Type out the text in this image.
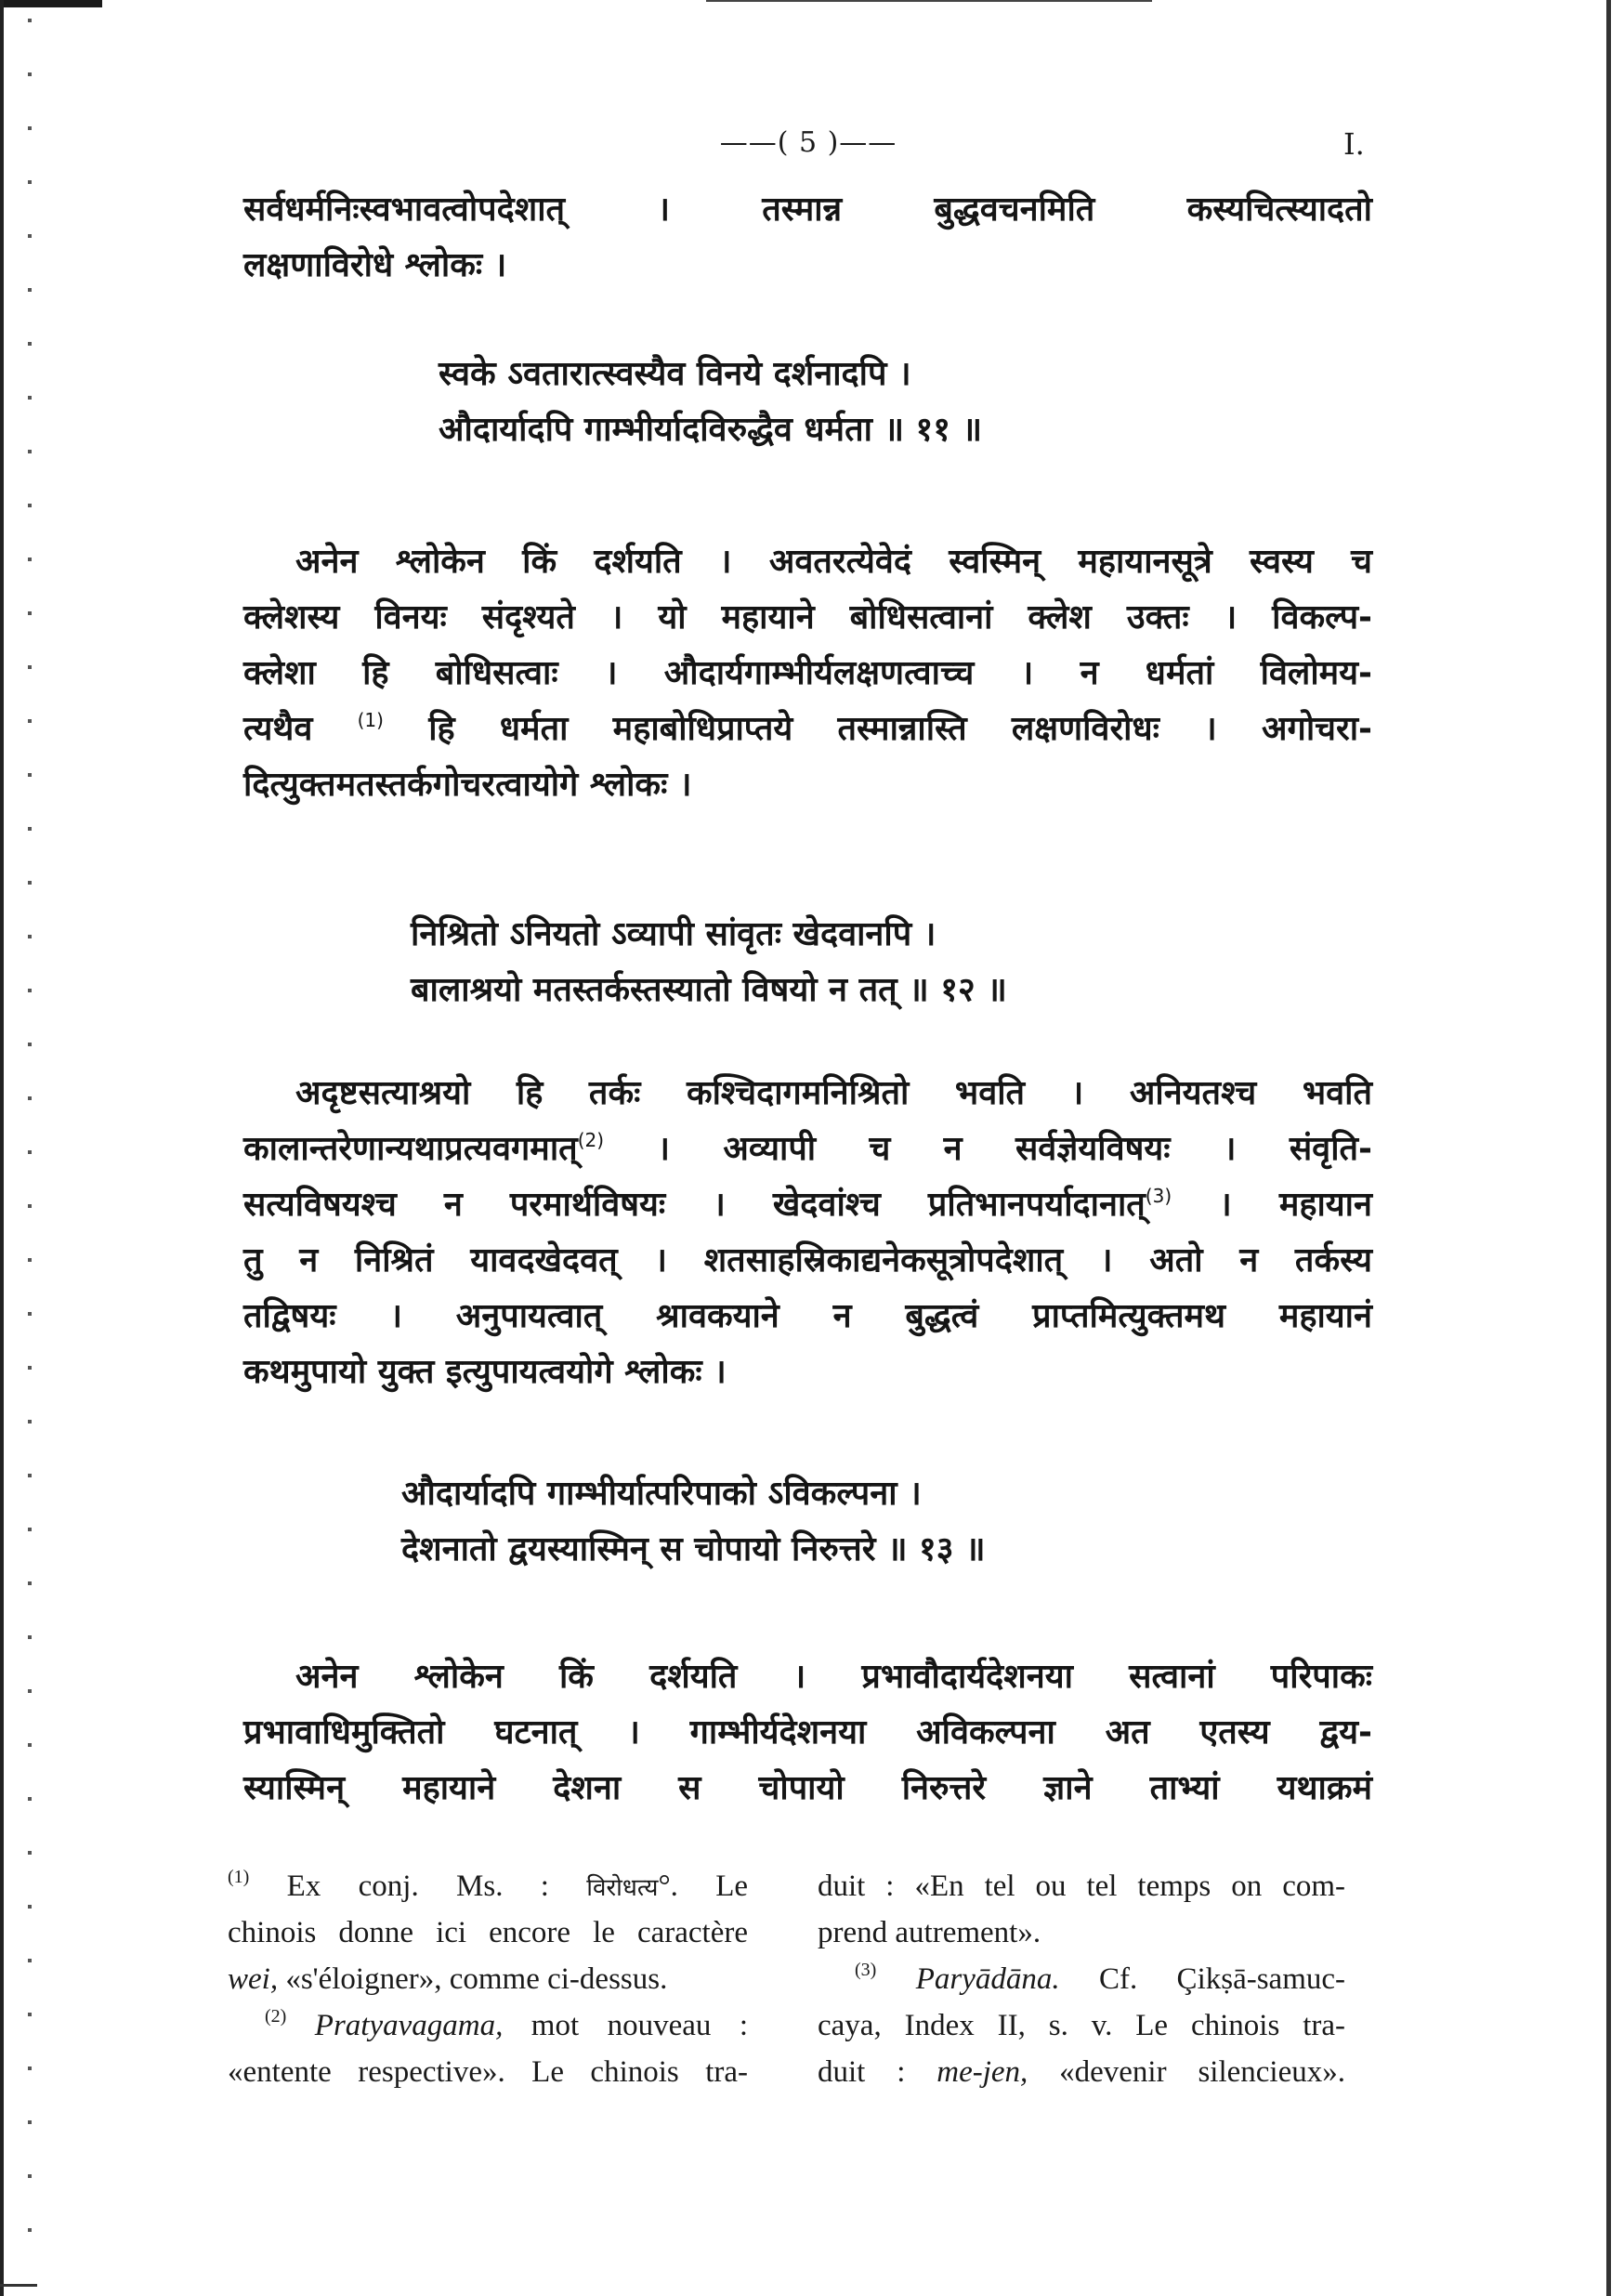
——( 5 )——	I.
सर्वधर्मनिःस्वभावत्वोपदेशात् । तस्मान्न बुद्धवचनमिति कस्यचित्स्यादतो
लक्षणाविरोधे श्लोकः ।
स्वके ऽवतारात्स्वस्यैव विनये दर्शनादपि ।
औदार्यादपि गाम्भीर्यादविरुद्धैव धर्मता ॥ ११ ॥
अनेन श्लोकेन किं दर्शयति । अवतरत्येवेदं स्वस्मिन् महायानसूत्रे स्वस्य च
क्लेशस्य विनयः संदृश्यते । यो महायाने बोधिसत्वानां क्लेश उक्तः । विकल्प-
क्लेशा हि बोधिसत्वाः । औदार्यगाम्भीर्यलक्षणत्वाच्च । न धर्मतां विलोमय-
त्यथैव $^{(1)}$ हि धर्मता महाबोधिप्राप्तये तस्मान्नास्ति लक्षणविरोधः । अगोचरा-
दित्युक्तमतस्तर्कगोचरत्वायोगे श्लोकः ।
निश्रितो ऽनियतो ऽव्यापी सांवृतः खेदवानपि ।
बालाश्रयो मतस्तर्कस्तस्यातो विषयो न तत् ॥ १२ ॥
अदृष्टसत्याश्रयो हि तर्कः कश्चिदागमनिश्रितो भवति । अनियतश्च भवति
कालान्तरेणान्यथाप्रत्यवगमात्$^{(2)}$ । अव्यापी च न सर्वज्ञेयविषयः । संवृति-
सत्यविषयश्च न परमार्थविषयः । खेदवांश्च प्रतिभानपर्यादानात्$^{(3)}$ । महायान
तु न निश्रितं यावदखेदवत् । शतसाहस्रिकाद्यनेकसूत्रोपदेशात् । अतो न तर्कस्य
तद्विषयः । अनुपायत्वात् श्रावकयाने न बुद्धत्वं प्राप्तमित्युक्तमथ महायानं
कथमुपायो युक्त इत्युपायत्वयोगे श्लोकः ।
औदार्यादपि गाम्भीर्यात्परिपाको ऽविकल्पना ।
देशनातो द्वयस्यास्मिन् स चोपायो निरुत्तरे ॥ १३ ॥
अनेन श्लोकेन किं दर्शयति । प्रभावौदार्यदेशनया सत्वानां परिपाकः
प्रभावाधिमुक्तितो घटनात् । गाम्भीर्यदेशनया अविकल्पना अत एतस्य द्वय-
स्यास्मिन् महायाने देशना स चोपायो निरुत्तरे ज्ञाने ताभ्यां यथाक्रमं
$^{(1)}$ Ex conj. Ms. : विरोधत्य°. Le
chinois donne ici encore le caractère
wei, «s'éloigner», comme ci-dessus.
$^{(2)}$ Pratyavagama, mot nouveau :
«entente respective». Le chinois tra-
duit : «En tel ou tel temps on com-
prend autrement».
$^{(3)}$ Paryādāna. Cf. Çikṣā-samuc-
caya, Index II, s. v. Le chinois tra-
duit : me-jen, «devenir silencieux».
